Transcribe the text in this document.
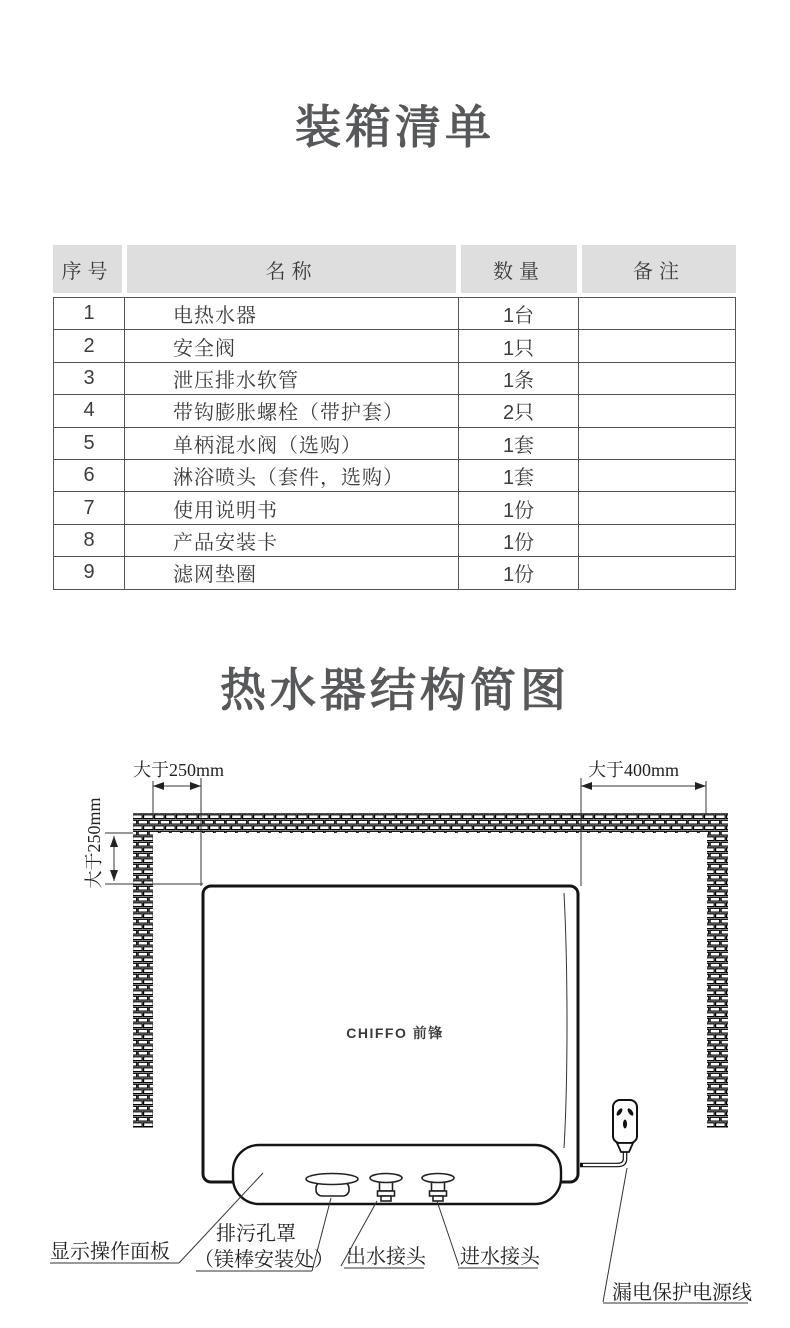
装箱清单
序号	名称	数量	备注
1	电热水器	1台
2	安全阀	1只
3	泄压排水软管	1条
4	带钩膨胀螺栓（带护套）	2只
5	单柄混水阀（选购）	1套
6	淋浴喷头（套件，选购）	1套
7	使用说明书	1份
8	产品安装卡	1份
9	滤网垫圈	1份
热水器结构简图
大于250mm	大于400mm
大于250mm
CHIFFO 前锋
显示操作面板
排污孔罩
（镁棒安装处） 出水接头 进水接头
漏电保护电源线
